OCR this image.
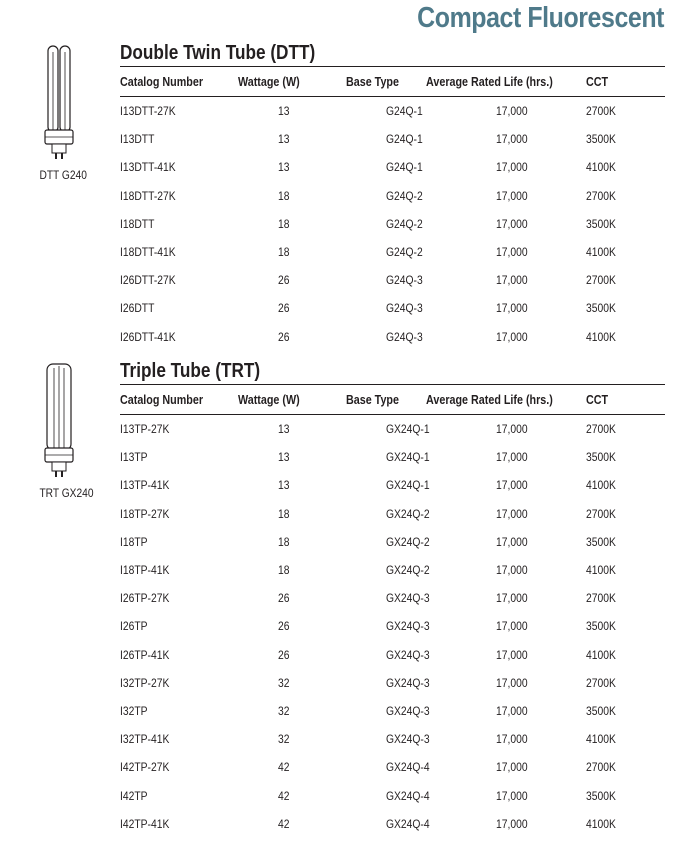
Compact Fluorescent
DTT G240
TRT GX240
Double Twin Tube (DTT)
Catalog Number	Wattage (W)	Base Type	Average Rated Life (hrs.)	CCT
I13DTT-27K	13	G24Q-1	17,000	2700K
I13DTT	13	G24Q-1	17,000	3500K
I13DTT-41K	13	G24Q-1	17,000	4100K
I18DTT-27K	18	G24Q-2	17,000	2700K
I18DTT	18	G24Q-2	17,000	3500K
I18DTT-41K	18	G24Q-2	17,000	4100K
I26DTT-27K	26	G24Q-3	17,000	2700K
I26DTT	26	G24Q-3	17,000	3500K
I26DTT-41K	26	G24Q-3	17,000	4100K
Triple Tube (TRT)
Catalog Number	Wattage (W)	Base Type	Average Rated Life (hrs.)	CCT
I13TP-27K	13	GX24Q-1	17,000	2700K
I13TP	13	GX24Q-1	17,000	3500K
I13TP-41K	13	GX24Q-1	17,000	4100K
I18TP-27K	18	GX24Q-2	17,000	2700K
I18TP	18	GX24Q-2	17,000	3500K
I18TP-41K	18	GX24Q-2	17,000	4100K
I26TP-27K	26	GX24Q-3	17,000	2700K
I26TP	26	GX24Q-3	17,000	3500K
I26TP-41K	26	GX24Q-3	17,000	4100K
I32TP-27K	32	GX24Q-3	17,000	2700K
I32TP	32	GX24Q-3	17,000	3500K
I32TP-41K	32	GX24Q-3	17,000	4100K
I42TP-27K	42	GX24Q-4	17,000	2700K
I42TP	42	GX24Q-4	17,000	3500K
I42TP-41K	42	GX24Q-4	17,000	4100K
